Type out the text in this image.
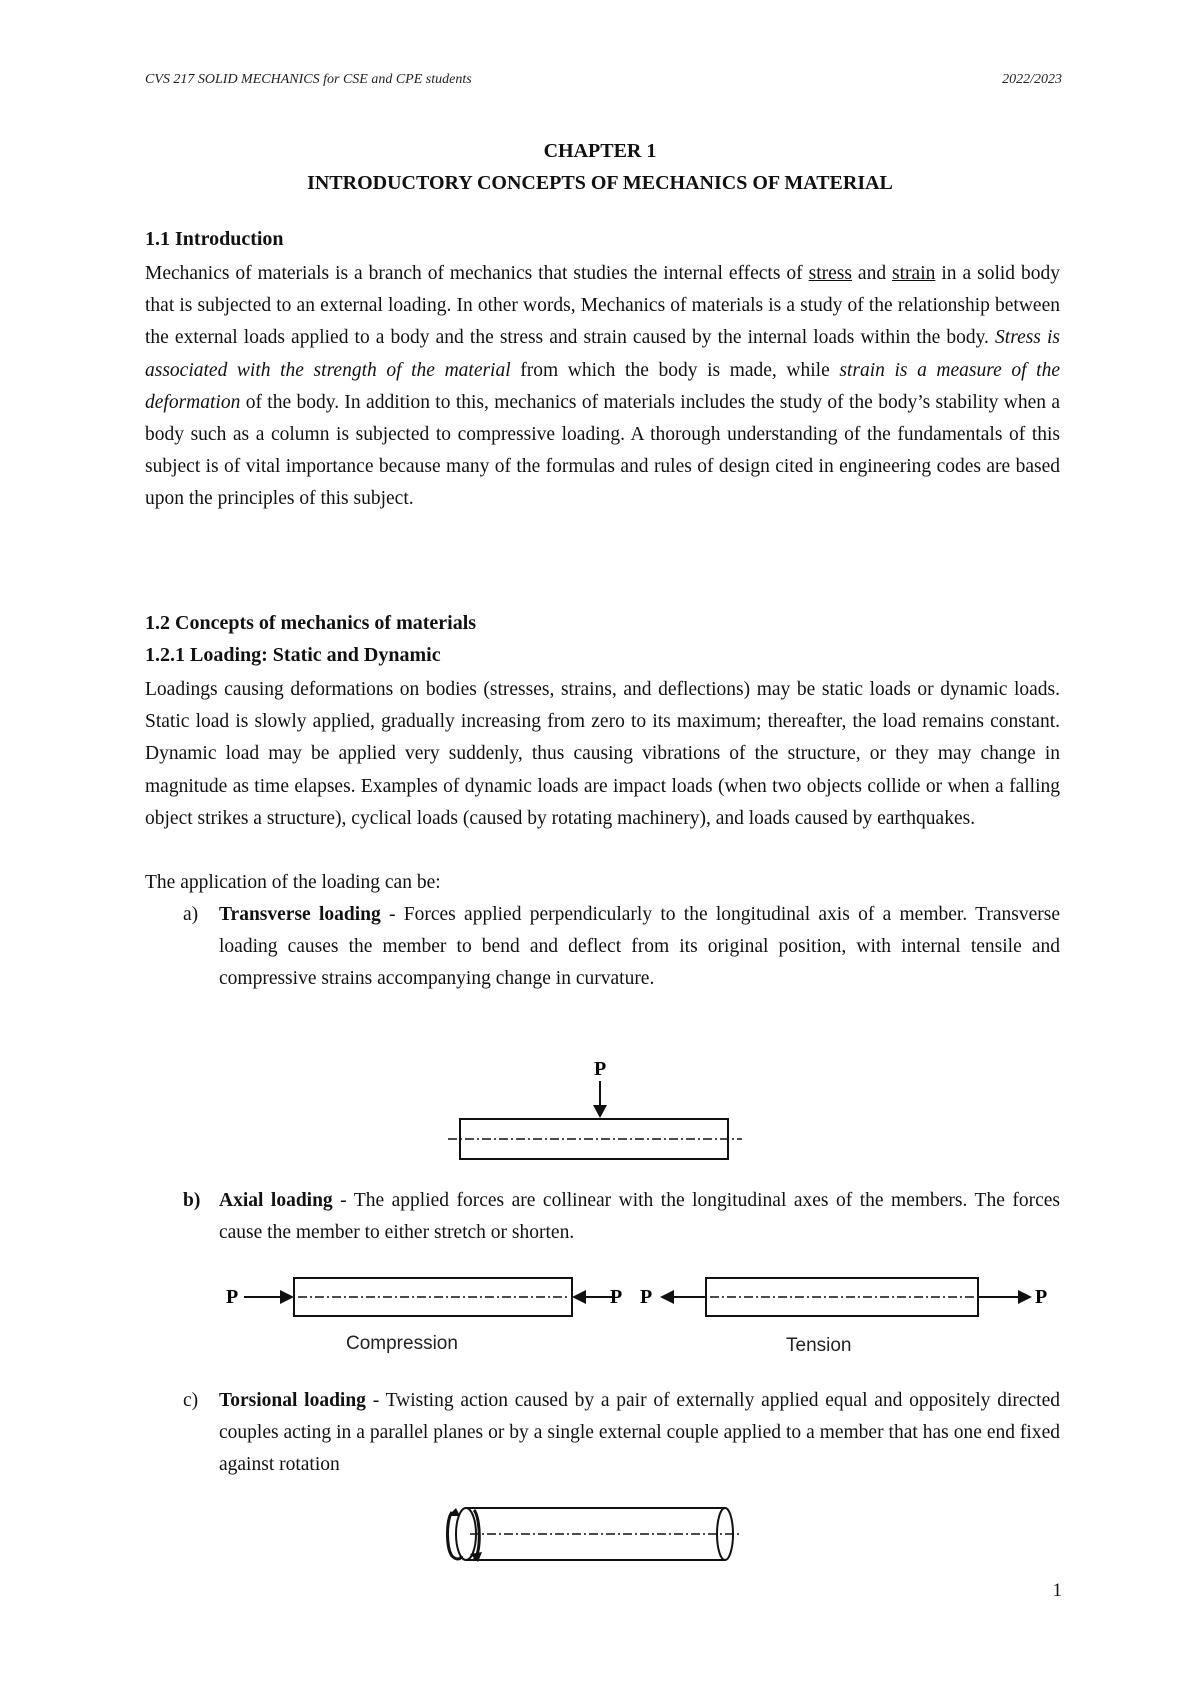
CVS 217 SOLID MECHANICS for CSE and CPE students	2022/2023
CHAPTER 1
INTRODUCTORY CONCEPTS OF MECHANICS OF MATERIAL
1.1 Introduction
Mechanics of materials is a branch of mechanics that studies the internal effects of stress and strain in a solid body that is subjected to an external loading. In other words, Mechanics of materials is a study of the relationship between the external loads applied to a body and the stress and strain caused by the internal loads within the body. Stress is associated with the strength of the material from which the body is made, while strain is a measure of the deformation of the body. In addition to this, mechanics of materials includes the study of the body’s stability when a body such as a column is subjected to compressive loading. A thorough understanding of the fundamentals of this subject is of vital importance because many of the formulas and rules of design cited in engineering codes are based upon the principles of this subject.
1.2 Concepts of mechanics of materials
1.2.1 Loading: Static and Dynamic
Loadings causing deformations on bodies (stresses, strains, and deflections) may be static loads or dynamic loads. Static load is slowly applied, gradually increasing from zero to its maximum; thereafter, the load remains constant. Dynamic load may be applied very suddenly, thus causing vibrations of the structure, or they may change in magnitude as time elapses. Examples of dynamic loads are impact loads (when two objects collide or when a falling object strikes a structure), cyclical loads (caused by rotating machinery), and loads caused by earthquakes.
The application of the loading can be:
a) Transverse loading - Forces applied perpendicularly to the longitudinal axis of a member. Transverse loading causes the member to bend and deflect from its original position, with internal tensile and compressive strains accompanying change in curvature.
P
b) Axial loading - The applied forces are collinear with the longitudinal axes of the members. The forces cause the member to either stretch or shorten.
P	P P	P
Compression	Tension
c) Torsional loading - Twisting action caused by a pair of externally applied equal and oppositely directed couples acting in a parallel planes or by a single external couple applied to a member that has one end fixed against rotation
1
